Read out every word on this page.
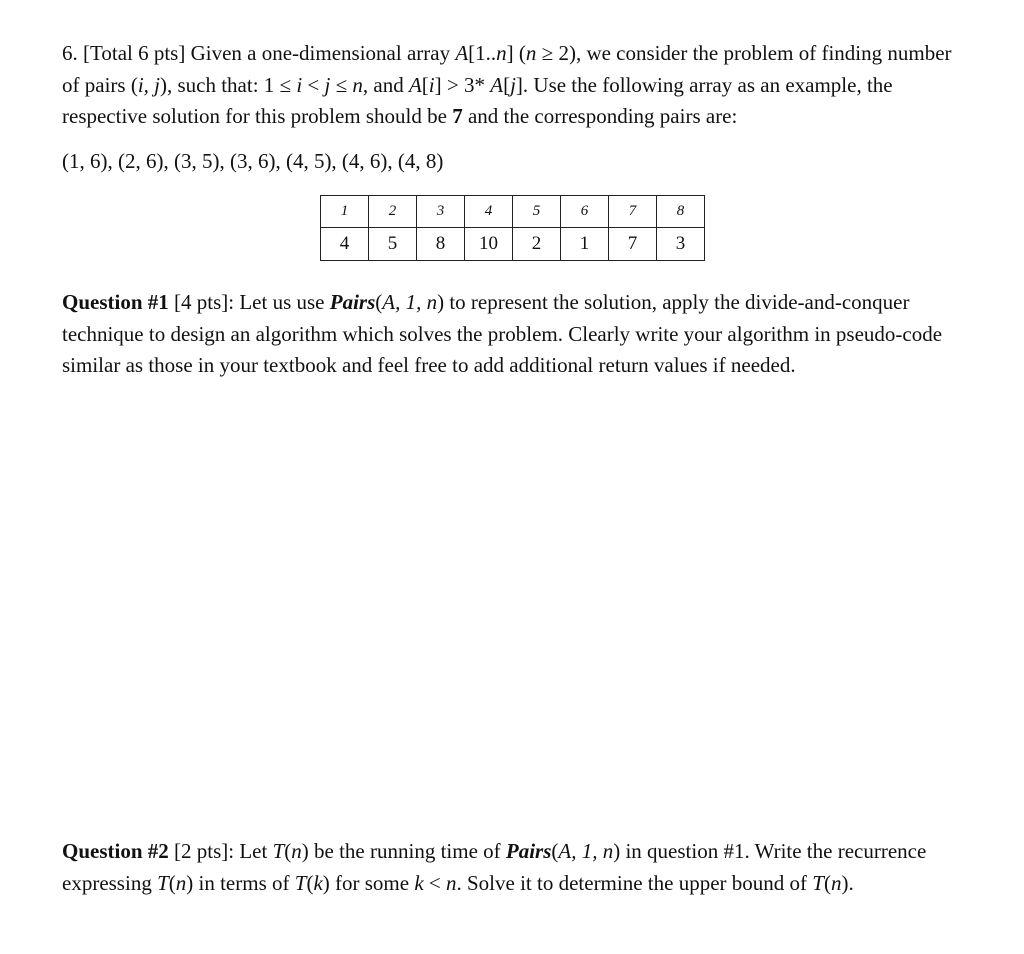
6. [Total 6 pts] Given a one-dimensional array A[1..n] (n ≥ 2), we consider the problem of finding number of pairs (i, j), such that: 1 ≤ i < j ≤ n, and A[i] > 3* A[j]. Use the following array as an example, the respective solution for this problem should be 7 and the corresponding pairs are:
(1, 6), (2, 6), (3, 5), (3, 6), (4, 5), (4, 6), (4, 8)
1	2	3	4	5	6	7	8
4	5	8	10	2	1	7	3
Question #1 [4 pts]: Let us use Pairs(A, 1, n) to represent the solution, apply the divide-and-conquer technique to design an algorithm which solves the problem. Clearly write your algorithm in pseudo-code similar as those in your textbook and feel free to add additional return values if needed.
Question #2 [2 pts]: Let T(n) be the running time of Pairs(A, 1, n) in question #1. Write the recurrence expressing T(n) in terms of T(k) for some k < n. Solve it to determine the upper bound of T(n).
